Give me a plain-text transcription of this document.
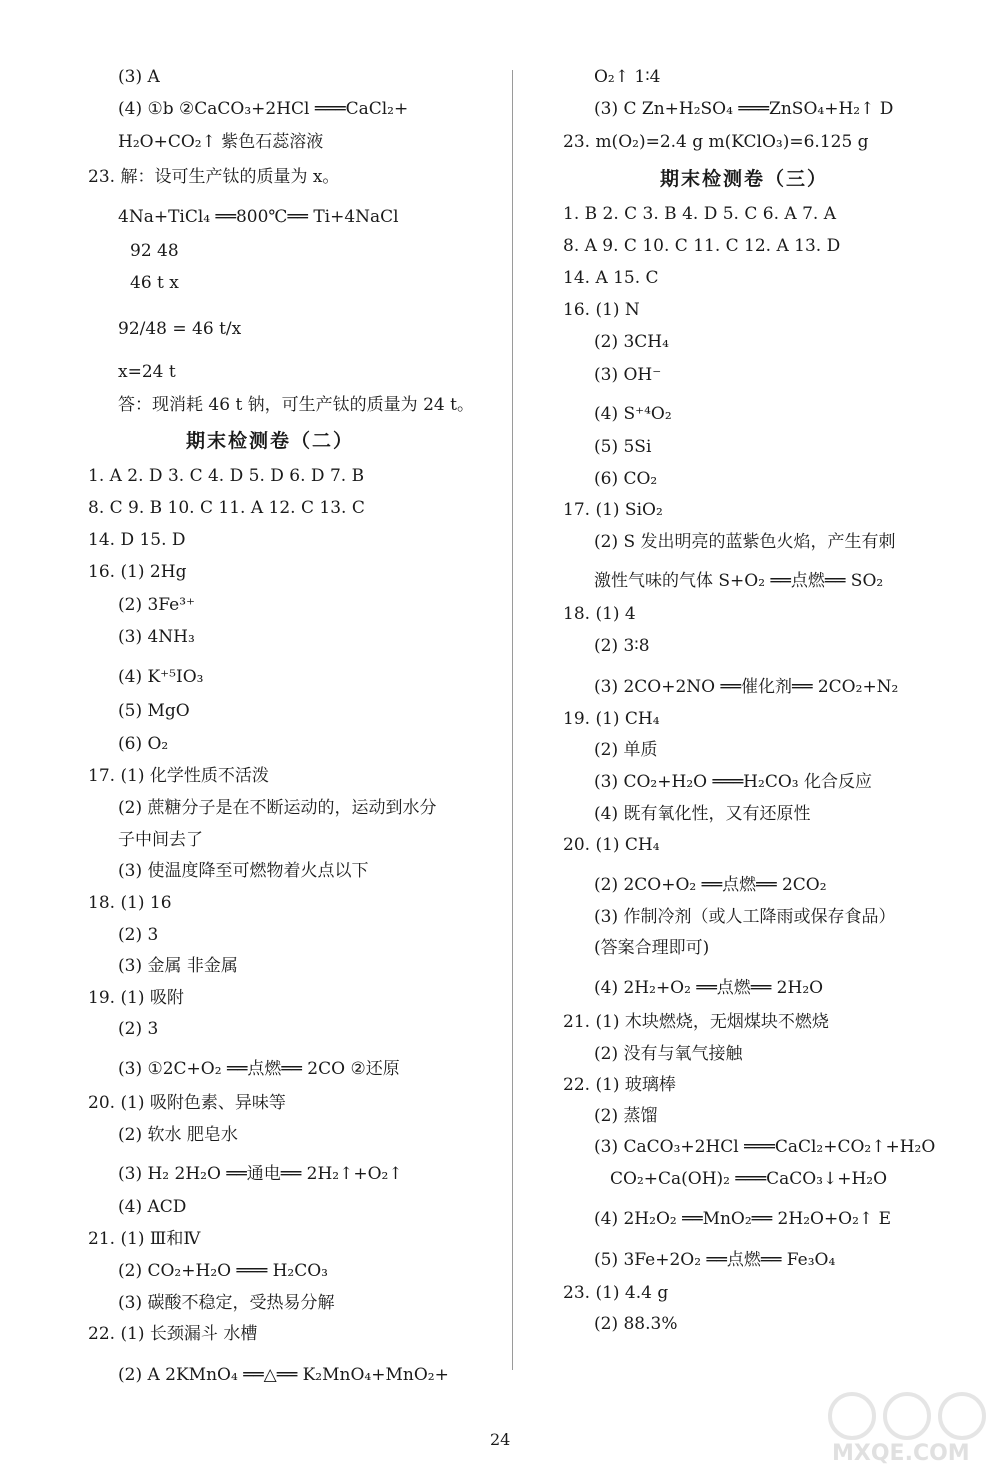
(3) A
(4) ①b ②CaCO₃+2HCl ═══CaCl₂+
H₂O+CO₂↑ 紫色石蕊溶液
23. 解：设可生产钛的质量为 x。
4Na+TiCl₄ ══800℃══ Ti+4NaCl
92 48
46 t x
92/48 = 46 t/x
x=24 t
答：现消耗 46 t 钠，可生产钛的质量为 24 t。
期末检测卷（二）
1. A 2. D 3. C 4. D 5. D 6. D 7. B
8. C 9. B 10. C 11. A 12. C 13. C
14. D 15. D
16. (1) 2Hg
(2) 3Fe³⁺
(3) 4NH₃
(4) K⁺⁵IO₃
(5) MgO
(6) O₂
17. (1) 化学性质不活泼
(2) 蔗糖分子是在不断运动的，运动到水分
子中间去了
(3) 使温度降至可燃物着火点以下
18. (1) 16
(2) 3
(3) 金属 非金属
19. (1) 吸附
(2) 3
(3) ①2C+O₂ ══点燃══ 2CO ②还原
20. (1) 吸附色素、异味等
(2) 软水 肥皂水
(3) H₂ 2H₂O ══通电══ 2H₂↑+O₂↑
(4) ACD
21. (1) Ⅲ和Ⅳ
(2) CO₂+H₂O ═══ H₂CO₃
(3) 碳酸不稳定，受热易分解
22. (1) 长颈漏斗 水槽
(2) A 2KMnO₄ ══△══ K₂MnO₄+MnO₂+
O₂↑ 1∶4
(3) C Zn+H₂SO₄ ═══ZnSO₄+H₂↑ D
23. m(O₂)=2.4 g m(KClO₃)=6.125 g
期末检测卷（三）
1. B 2. C 3. B 4. D 5. C 6. A 7. A
8. A 9. C 10. C 11. C 12. A 13. D
14. A 15. C
16. (1) N
(2) 3CH₄
(3) OH⁻
(4) S⁺⁴O₂
(5) 5Si
(6) CO₂
17. (1) SiO₂
(2) S 发出明亮的蓝紫色火焰，产生有刺
激性气味的气体 S+O₂ ══点燃══ SO₂
18. (1) 4
(2) 3∶8
(3) 2CO+2NO ══催化剂══ 2CO₂+N₂
19. (1) CH₄
(2) 单质
(3) CO₂+H₂O ═══H₂CO₃ 化合反应
(4) 既有氧化性，又有还原性
20. (1) CH₄
(2) 2CO+O₂ ══点燃══ 2CO₂
(3) 作制冷剂（或人工降雨或保存食品）
(答案合理即可)
(4) 2H₂+O₂ ══点燃══ 2H₂O
21. (1) 木块燃烧，无烟煤块不燃烧
(2) 没有与氧气接触
22. (1) 玻璃棒
(2) 蒸馏
(3) CaCO₃+2HCl ═══CaCl₂+CO₂↑+H₂O
CO₂+Ca(OH)₂ ═══CaCO₃↓+H₂O
(4) 2H₂O₂ ══MnO₂══ 2H₂O+O₂↑ E
(5) 3Fe+2O₂ ══点燃══ Fe₃O₄
23. (1) 4.4 g
(2) 88.3%
24
MXQE.COM
